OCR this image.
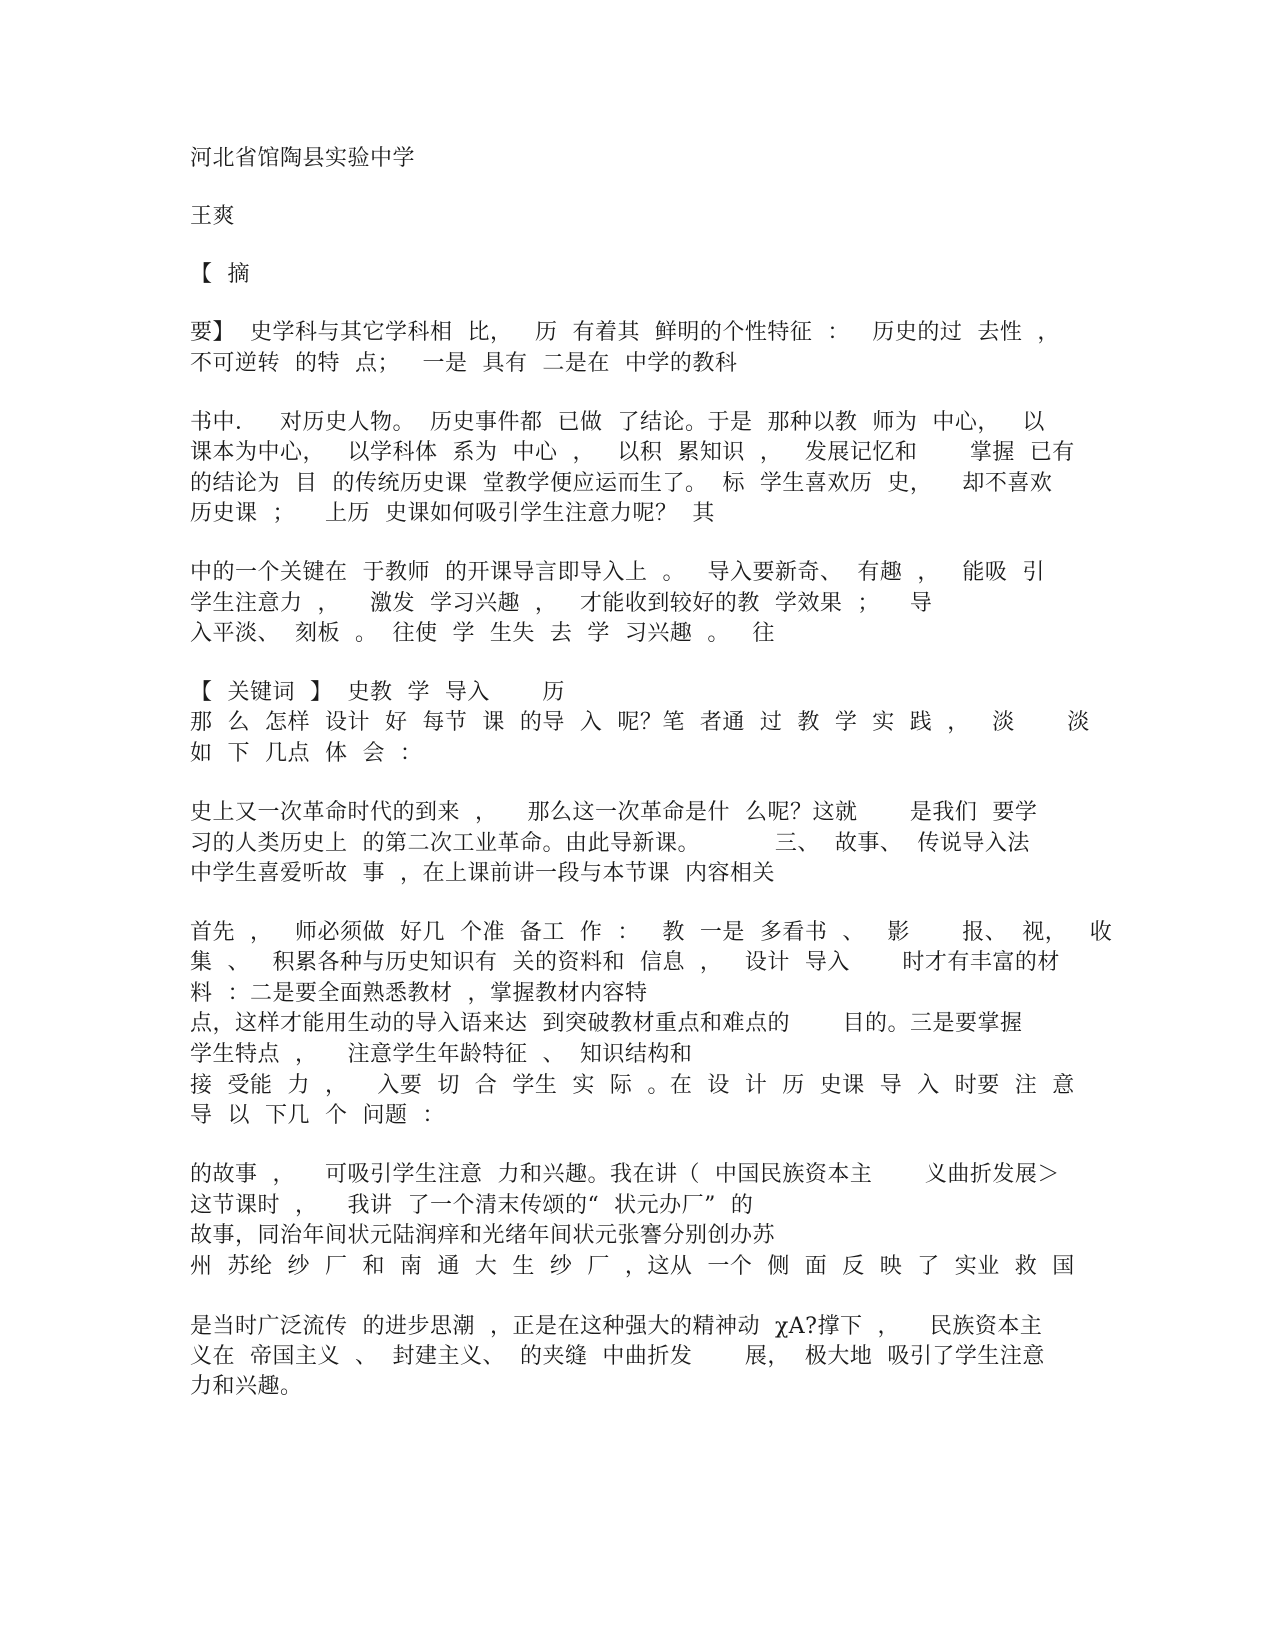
河北省馆陶县实验中学

王爽

【  摘

要】  史学科与其它学科相  比，   历  有着其  鲜明的个性特征  ：   历史的过  去性  ，

不可逆转  的特  点；   一是  具有  二是在  中学的教科

书中．   对历史人物。  历史事件都  已做  了结论。于是  那种以教  师为  中心，   以

课本为中心，   以学科体  系为  中心  ，   以积  累知识  ，   发展记忆和       掌握  已有

的结论为  目  的传统历史课  堂教学便应运而生了。  标  学生喜欢历  史，    却不喜欢

历史课  ；    上历  史课如何吸引学生注意力呢？  其

中的一个关键在  于教师  的开课导言即导入上  。   导入要新奇、  有趣  ，   能吸  引

学生注意力  ，    激发  学习兴趣  ，   才能收到较好的教  学效果  ；    导

入平淡、  刻板  。  往使  学  生失  去  学  习兴趣  。   往

【  关键词  】  史教  学  导入       历

那  么  怎样  设计  好  每节  课  的导  入  呢？笔  者通  过  教  学  实  践  ，   淡       淡

如  下  几点  体  会  ：

史上又一次革命时代的到来  ，    那么这一次革命是什  么呢？这就       是我们  要学

习的人类历史上  的第二次工业革命。由此导新课。          三、  故事、  传说导入法

中学生喜爱听故  事  ，在上课前讲一段与本节课  内容相关

首先  ，   师必须做  好几  个准  备工  作  ：   教  一是  多看书  、   影       报、  视，   收

集  、   积累各种与历史知识有  关的资料和  信息  ，   设计  导入       时才有丰富的材

料  ：二是要全面熟悉教材  ，掌握教材内容特

点，这样才能用生动的导入语来达  到突破教材重点和难点的       目的。三是要掌握

学生特点  ，    注意学生年龄特征  、  知识结构和

接  受能  力  ，    入要  切  合  学生  实  际  。在  设  计  历  史课  导  入  时要  注  意

导  以  下几  个  问题  ：

的故事  ，    可吸引学生注意  力和兴趣。我在讲（  中国民族资本主       义曲折发展＞

这节课时  ，    我讲  了一个清末传颂的“  状元办厂”  的

故事，同治年间状元陆润痒和光绪年间状元张謇分别创办苏

州  苏纶  纱  厂  和  南  通  大  生  纱  厂  ，这从  一个  侧  面  反  映  了  实业  救  国

是当时广泛流传  的进步思潮  ，正是在这种强大的精神动  χA?撑下  ，    民族资本主

义在  帝国主义  、  封建主义、  的夹缝  中曲折发       展，  极大地  吸引了学生注意

力和兴趣。
